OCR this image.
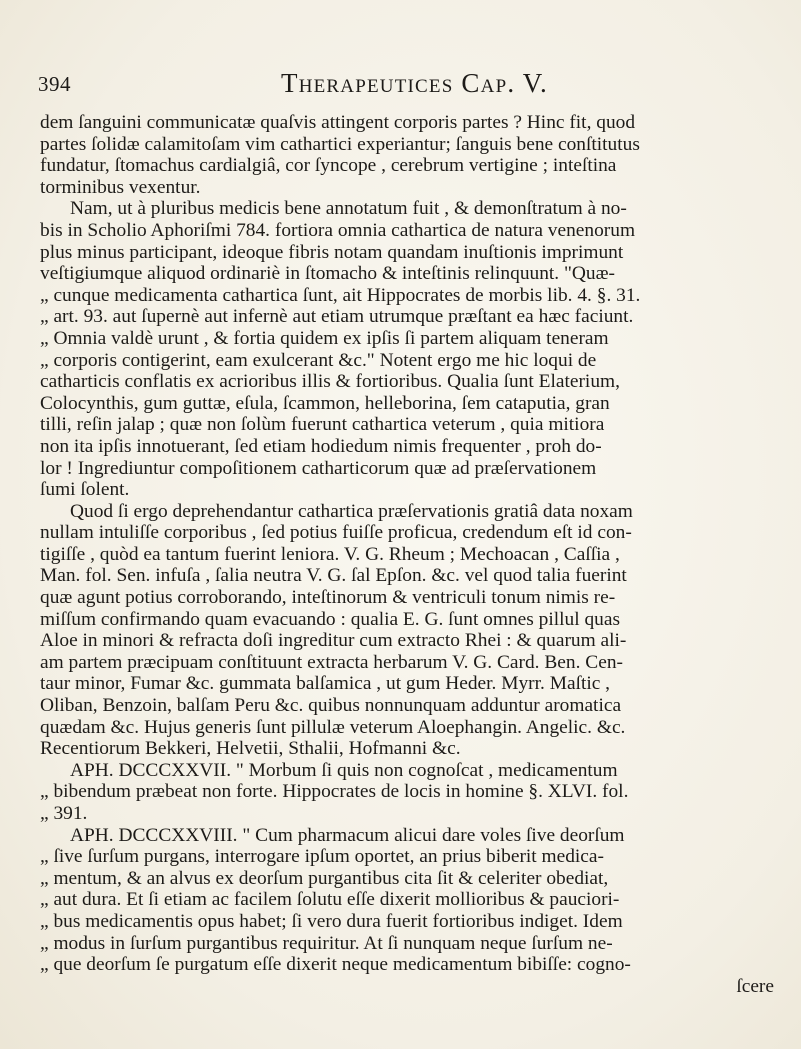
394	Therapeutices Cap. V.
dem ſanguini communicatæ quaſvis attingent corporis partes ? Hinc fit, quod
partes ſolidæ calamitoſam vim cathartici experiantur; ſanguis bene conſtitutus
fundatur, ſtomachus cardialgiâ, cor ſyncope , cerebrum vertigine ; inteſtina
torminibus vexentur.
Nam, ut à pluribus medicis bene annotatum fuit , & demonſtratum à no-
bis in Scholio Aphoriſmi 784. fortiora omnia cathartica de natura venenorum
plus minus participant, ideoque fibris notam quandam inuſtionis imprimunt
veſtigiumque aliquod ordinariè in ſtomacho & inteſtinis relinquunt. "Quæ-
„ cunque medicamenta cathartica ſunt, ait Hippocrates de morbis lib. 4. §. 31.
„ art. 93. aut ſupernè aut infernè aut etiam utrumque præſtant ea hæc faciunt.
„ Omnia valdè urunt , & fortia quidem ex ipſis ſi partem aliquam teneram
„ corporis contigerint, eam exulcerant &c." Notent ergo me hic loqui de
catharticis conflatis ex acrioribus illis & fortioribus. Qualia ſunt Elaterium,
Colocynthis, gum guttæ, eſula, ſcammon, helleborina, ſem cataputia, gran
tilli, reſin jalap ; quæ non ſolùm fuerunt cathartica veterum , quia mitiora
non ita ipſis innotuerant, ſed etiam hodiedum nimis frequenter , proh do-
lor ! Ingrediuntur compoſitionem catharticorum quæ ad præſervationem
ſumi ſolent.
Quod ſi ergo deprehendantur cathartica præſervationis gratiâ data noxam
nullam intuliſſe corporibus , ſed potius fuiſſe proficua, credendum eſt id con-
tigiſſe , quòd ea tantum fuerint leniora. V. G. Rheum ; Mechoacan , Caſſia ,
Man. fol. Sen. infuſa , ſalia neutra V. G. ſal Epſon. &c. vel quod talia fuerint
quæ agunt potius corroborando, inteſtinorum & ventriculi tonum nimis re-
miſſum confirmando quam evacuando : qualia E. G. ſunt omnes pillul quas
Aloe in minori & refracta doſi ingreditur cum extracto Rhei : & quarum ali-
am partem præcipuam conſtituunt extracta herbarum V. G. Card. Ben. Cen-
taur minor, Fumar &c. gummata balſamica , ut gum Heder. Myrr. Maſtic ,
Oliban, Benzoin, balſam Peru &c. quibus nonnunquam adduntur aromatica
quædam &c. Hujus generis ſunt pillulæ veterum Aloephangin. Angelic. &c.
Recentiorum Bekkeri, Helvetii, Sthalii, Hofmanni &c.
APH. DCCCXXVII. " Morbum ſi quis non cognoſcat , medicamentum
„ bibendum præbeat non forte. Hippocrates de locis in homine §. XLVI. fol.
„ 391.
APH. DCCCXXVIII. " Cum pharmacum alicui dare voles ſive deorſum
„ ſive ſurſum purgans, interrogare ipſum oportet, an prius biberit medica-
„ mentum, & an alvus ex deorſum purgantibus cita ſit & celeriter obediat,
„ aut dura. Et ſi etiam ac facilem ſolutu eſſe dixerit mollioribus & pauciori-
„ bus medicamentis opus habet; ſi vero dura fuerit fortioribus indiget. Idem
„ modus in ſurſum purgantibus requiritur. At ſi nunquam neque ſurſum ne-
„ que deorſum ſe purgatum eſſe dixerit neque medicamentum bibiſſe: cogno-
ſcere
